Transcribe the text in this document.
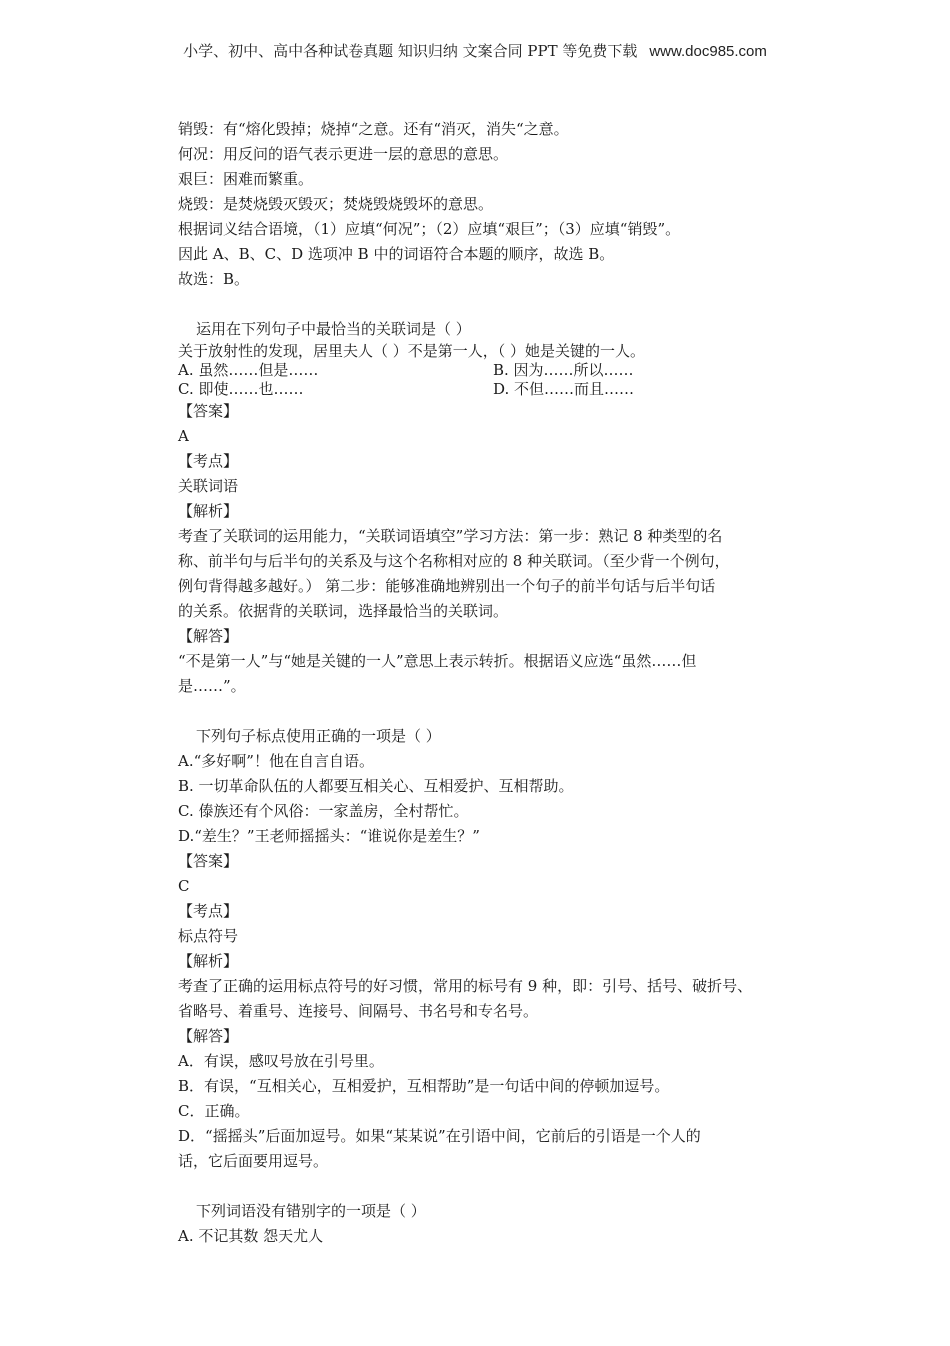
小学、初中、高中各种试卷真题 知识归纳 文案合同 PPT 等免费下载 www.doc985.com
销毁：有“熔化毁掉；烧掉“之意。还有“消灭，消失“之意。
何况：用反问的语气表示更进一层的意思的意思。
艰巨：困难而繁重。
烧毁：是焚烧毁灭毁灭；焚烧毁烧毁坏的意思。
根据词义结合语境，（1）应填“何况”；（2）应填“艰巨”；（3）应填“销毁”。
因此 A、B、C、D 选项冲 B 中的词语符合本题的顺序，故选 B。
故选：B。
运用在下列句子中最恰当的关联词是（ ）
关于放射性的发现，居里夫人（ ）不是第一人，（ ）她是关键的一人。
A. 虽然……但是……	B. 因为……所以……
C. 即使……也……	D. 不但……而且……
【答案】
A
【考点】
关联词语
【解析】
考查了关联词的运用能力，“关联词语填空”学习方法：第一步：熟记 8 种类型的名
称、前半句与后半句的关系及与这个名称相对应的 8 种关联词。（至少背一个例句，
例句背得越多越好。） 第二步：能够准确地辨别出一个句子的前半句话与后半句话
的关系。依据背的关联词，选择最恰当的关联词。
【解答】
“不是第一人”与“她是关键的一人”意思上表示转折。根据语义应选“虽然……但
是……”。
下列句子标点使用正确的一项是（ ）
A.“多好啊”！他在自言自语。
B. 一切革命队伍的人都要互相关心、互相爱护、互相帮助。
C. 傣族还有个风俗：一家盖房，全村帮忙。
D.“差生？”王老师摇摇头：“谁说你是差生？”
【答案】
C
【考点】
标点符号
【解析】
考查了正确的运用标点符号的好习惯，常用的标号有 9 种，即：引号、括号、破折号、
省略号、着重号、连接号、间隔号、书名号和专名号。
【解答】
A．有误，感叹号放在引号里。
B．有误，“互相关心，互相爱护，互相帮助”是一句话中间的停顿加逗号。
C．正确。
D．“摇摇头”后面加逗号。如果“某某说”在引语中间，它前后的引语是一个人的
话，它后面要用逗号。
下列词语没有错别字的一项是（ ）
A. 不记其数 怨天尤人
